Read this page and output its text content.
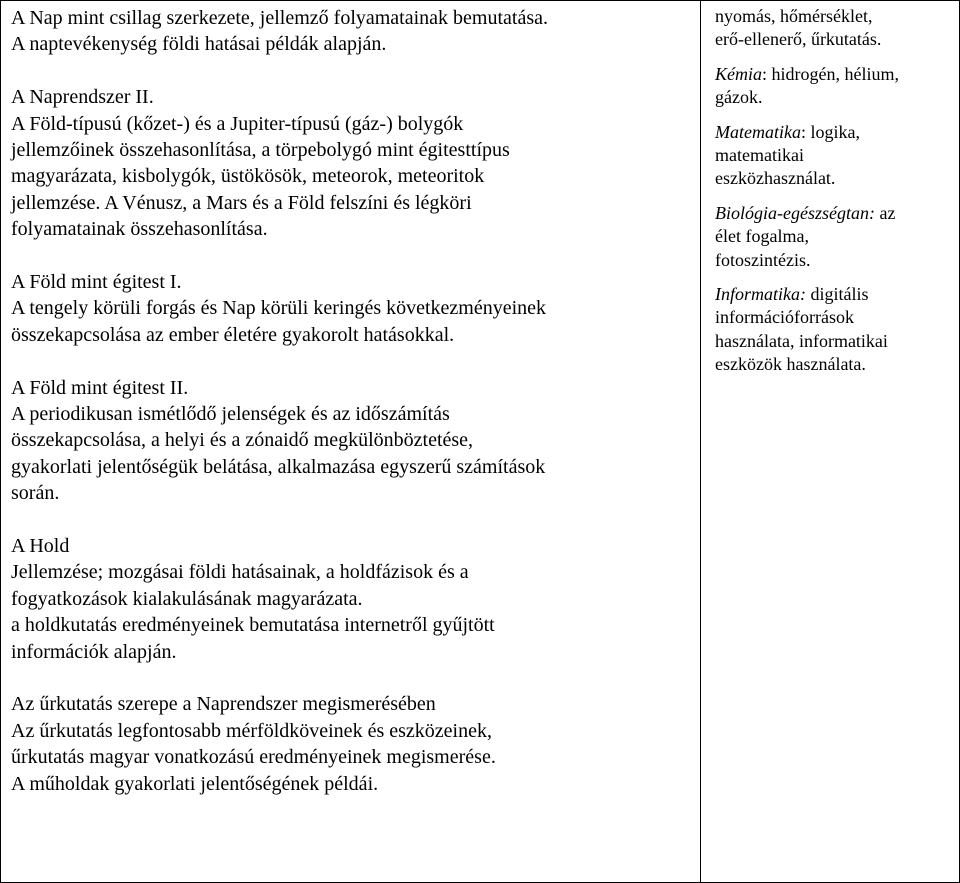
A Nap mint csillag szerkezete, jellemző folyamatainak bemutatása.
A naptevékenység földi hatásai példák alapján.
A Naprendszer II.
A Föld-típusú (kőzet-) és a Jupiter-típusú (gáz-) bolygók
jellemzőinek összehasonlítása, a törpebolygó mint égitesttípus
magyarázata, kisbolygók, üstökösök, meteorok, meteoritok
jellemzése. A Vénusz, a Mars és a Föld felszíni és légköri
folyamatainak összehasonlítása.
A Föld mint égitest I.
A tengely körüli forgás és Nap körüli keringés következményeinek
összekapcsolása az ember életére gyakorolt hatásokkal.
A Föld mint égitest II.
A periodikusan ismétlődő jelenségek és az időszámítás
összekapcsolása, a helyi és a zónaidő megkülönböztetése,
gyakorlati jelentőségük belátása, alkalmazása egyszerű számítások
során.
A Hold
Jellemzése; mozgásai földi hatásainak, a holdfázisok és a
fogyatkozások kialakulásának magyarázata.
a holdkutatás eredményeinek bemutatása internetről gyűjtött
információk alapján.
Az űrkutatás szerepe a Naprendszer megismerésében
Az űrkutatás legfontosabb mérföldköveinek és eszközeinek,
űrkutatás magyar vonatkozású eredményeinek megismerése.
A műholdak gyakorlati jelentőségének példái.
nyomás, hőmérséklet,
erő-ellenerő, űrkutatás.
Kémia: hidrogén, hélium,
gázok.
Matematika: logika,
matematikai
eszközhasználat.
Biológia-egészségtan: az
élet fogalma,
fotoszintézis.
Informatika: digitális
információforrások
használata, informatikai
eszközök használata.
